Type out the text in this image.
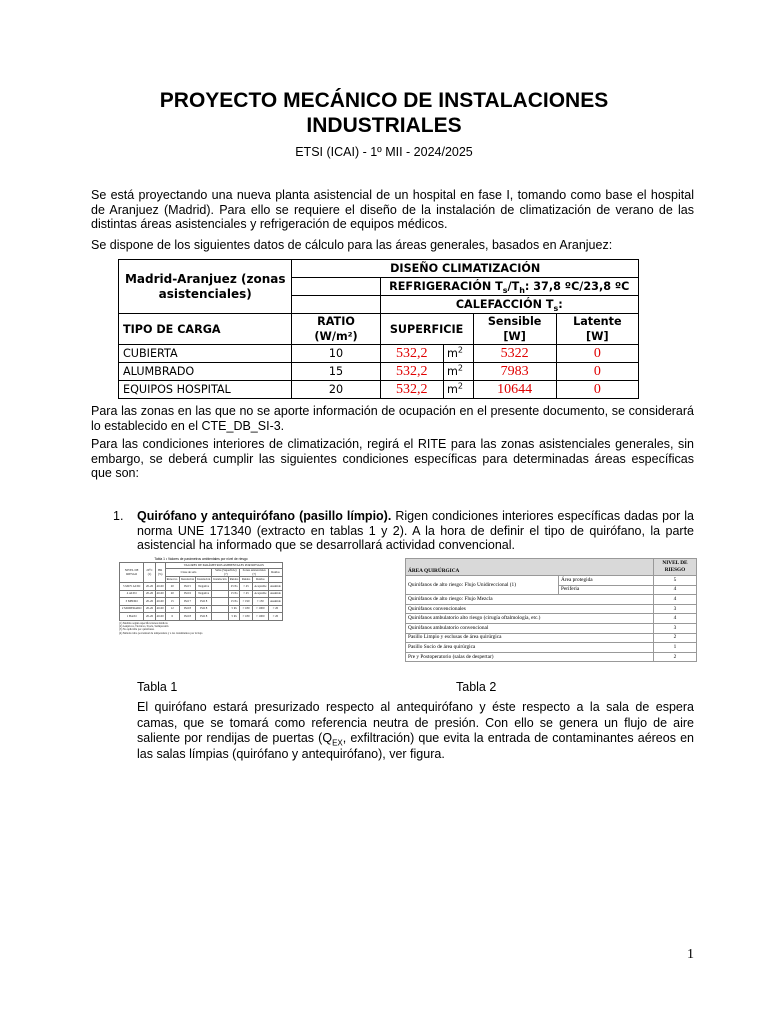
PROYECTO MECÁNICO DE INSTALACIONES INDUSTRIALES
ETSI (ICAI) - 1º MII - 2024/2025

Se está proyectando una nueva planta asistencial de un hospital en fase I, tomando como base el hospital de Aranjuez (Madrid). Para ello se requiere el diseño de la instalación de climatización de verano de las distintas áreas asistenciales y refrigeración de equipos médicos.

Se dispone de los siguientes datos de cálculo para las áreas generales, basados en Aranjuez:

Madrid-Aranjuez (zonas asistenciales)	DISEÑO CLIMATIZACIÓN				
		REFRIGERACIÓN $T_s/T_h$: 37,8 ºC/23,8 ºC			
		CALEFACCIÓN $T_s$:			
TIPO DE CARGA	RATIO (W/m²)	SUPERFICIE		Sensible [W]	Latente [W]
CUBIERTA	10	532,2	$m^2$	5322	0
ALUMBRADO	15	532,2	$m^2$	7983	0
EQUIPOS HOSPITAL	20	532,2	$m^2$	10644	0

Para las zonas en las que no se aporte información de ocupación en el presente documento, se considerará lo establecido en el CTE_DB_SI-3.

Para las condiciones interiores de climatización, regirá el RITE para las zonas asistenciales generales, sin embargo, se deberá cumplir las siguientes condiciones específicas para determinadas áreas específicas que son:

1. Quirófano y antequirófano (pasillo límpio). Rigen condiciones interiores específicas dadas por la norma UNE 171340 (extracto en tablas 1 y 2). A la hora de definir el tipo de quirófano, la parte asistencial ha informado que se desarrollará actividad convencional.

Tabla 1 • Valores de parámetros ambientales por nivel de riesgo
NIVEL DE RIESGO	20°C (1)	HR (%)	VALORES DE PARÁMETROS AMBIENTALES POR RIESGOS							
			Clase de sala			Salas (Superficie) (7)		Zonas asistenciales (7)		Ruidos
			Renovac.	Instalación	Instalación	Instalación	Ruidos	Ruidos	Ruidos	
5 MUY ALTO	20-26	40-60	20	ISO 5	Negativa		25 Pa	> 45	Aceptable	Asumido
4 ALTO	20-26	40-60	20	ISO 6	Negativa		15 Pa	> 45	Aceptable	Asumido
3 MEDIO	20-26	40-60	15	ISO 7	ISO 8		15 Pa	> 190	> 150	Asumido
2 MODERADO	20-26	40-60	12	ISO 8	ISO 8		5 Pa	> 180	> 1000	> 20
1 BAJO	20-26	40-60	6	ISO 8	ISO 8		5 Pa	> 180	> 1000	> 20
(1) Medido según especificaciones médicas
(2) Asépticos, Técnicos, Stock, Semipresión
(3) No aplicable por quirófanos
(4) Método tubo porcentual de temperatura y a los tratamientos por la hoja
ÁREA QUIRÚRGICA		NIVEL DE RIESGO
Quirófanos de alto riesgo: Flujo Unidireccional (1)	Área protegida	5
	Periferia	4
Quirófanos de alto riesgo: Flujo Mezcla		4
Quirófanos convencionales		3
Quirófanos ambulatorio alto riesgo (cirugía oftalmología, etc.)		4
Quirófanos ambulatorio convencional		3
Pasillo Limpio y esclusas de área quirúrgica		2
Pasillo Sucio de área quirúrgica		1
Pre y Postoperatorio (salas de despertar)		2
Tabla 1	Tabla 2

El quirófano estará presurizado respecto al antequirófano y éste respecto a la sala de espera camas, que se tomará como referencia neutra de presión. Con ello se genera un flujo de aire saliente por rendijas de puertas ($Q_{EX}$, exfiltración) que evita la entrada de contaminantes aéreos en las salas límpias (quirófano y antequirófano), ver figura.

1
